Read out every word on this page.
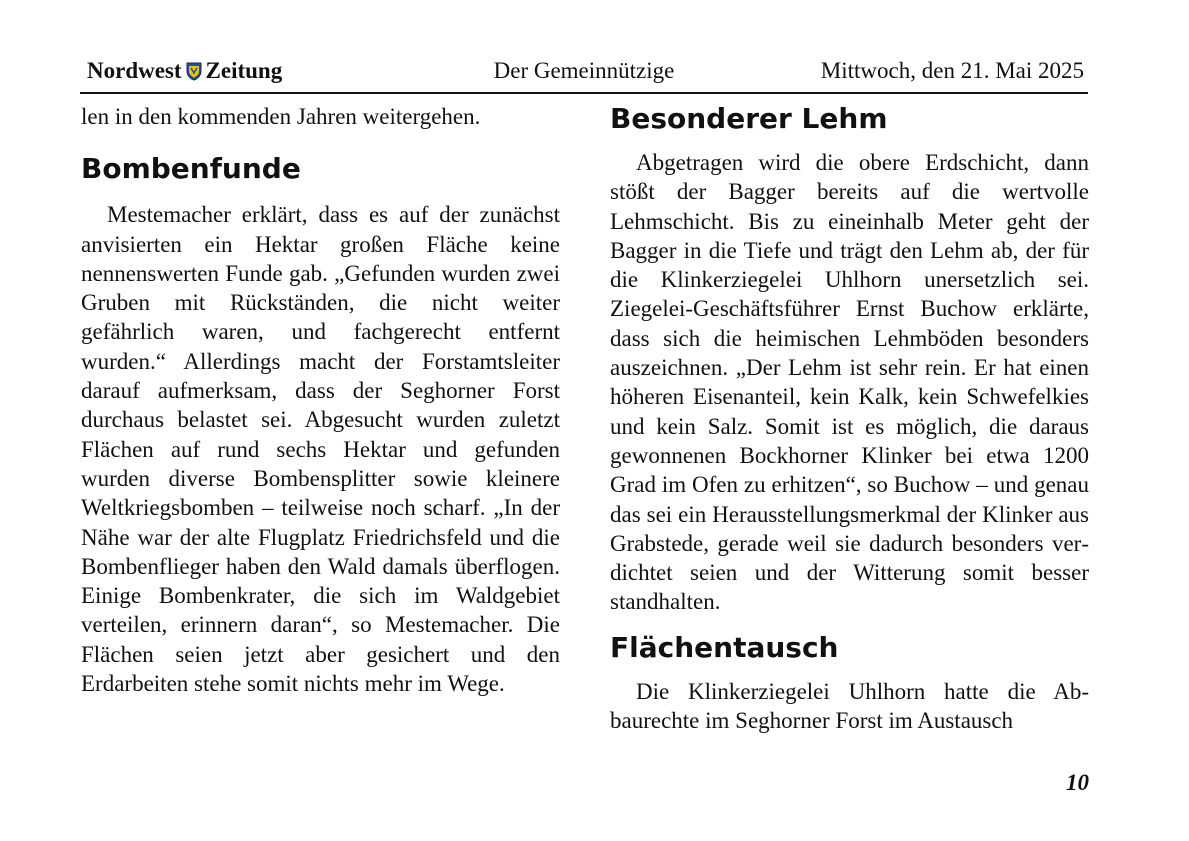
Nordwest Zeitung	Der Gemeinnützige	Mittwoch, den 21. Mai 2025

len in den kommenden Jahren weitergehen.

Bombenfunde

Mestemacher erklärt, dass es auf der zunächst anvisierten ein Hektar großen Fläche keine nennenswerten Funde gab. „Gefunden wurden zwei Gruben mit Rückständen, die nicht weiter gefährlich waren, und fachgerecht entfernt wurden.“ Allerdings macht der Forstamtsleiter darauf aufmerksam, dass der Seghorner Forst durchaus belastet sei. Abgesucht wurden zuletzt Flächen auf rund sechs Hektar und gefunden wurden diverse Bombensplitter sowie kleinere Weltkriegsbomben – teilweise noch scharf. „In der Nähe war der alte Flugplatz Friedrichsfeld und die Bombenflieger haben den Wald damals überflogen. Einige Bombenkrater, die sich im Waldgebiet verteilen, erinnern daran“, so Mestemacher. Die Flächen seien jetzt aber gesichert und den Erdarbeiten stehe somit nichts mehr im Wege.

Besonderer Lehm

Abgetragen wird die obere Erdschicht, dann stößt der Bagger bereits auf die wertvolle Lehmschicht. Bis zu eineinhalb Meter geht der Bagger in die Tiefe und trägt den Lehm ab, der für die Klinkerziegelei Uhlhorn unersetzlich sei. Ziegelei-Geschäftsführer Ernst Buchow erklärte, dass sich die heimischen Lehmböden besonders auszeichnen. „Der Lehm ist sehr rein. Er hat einen höheren Eisenanteil, kein Kalk, kein Schwefelkies und kein Salz. Somit ist es möglich, die daraus gewonnenen Bockhorner Klinker bei etwa 1200 Grad im Ofen zu erhitzen“, so Buchow – und genau das sei ein Herausstellungsmerkmal der Klinker aus Grabstede, gerade weil sie dadurch besonders verdichtet seien und der Witterung somit besser standhalten.

Flächentausch

Die Klinkerziegelei Uhlhorn hatte die Abbaurechte im Seghorner Forst im Austausch

10
